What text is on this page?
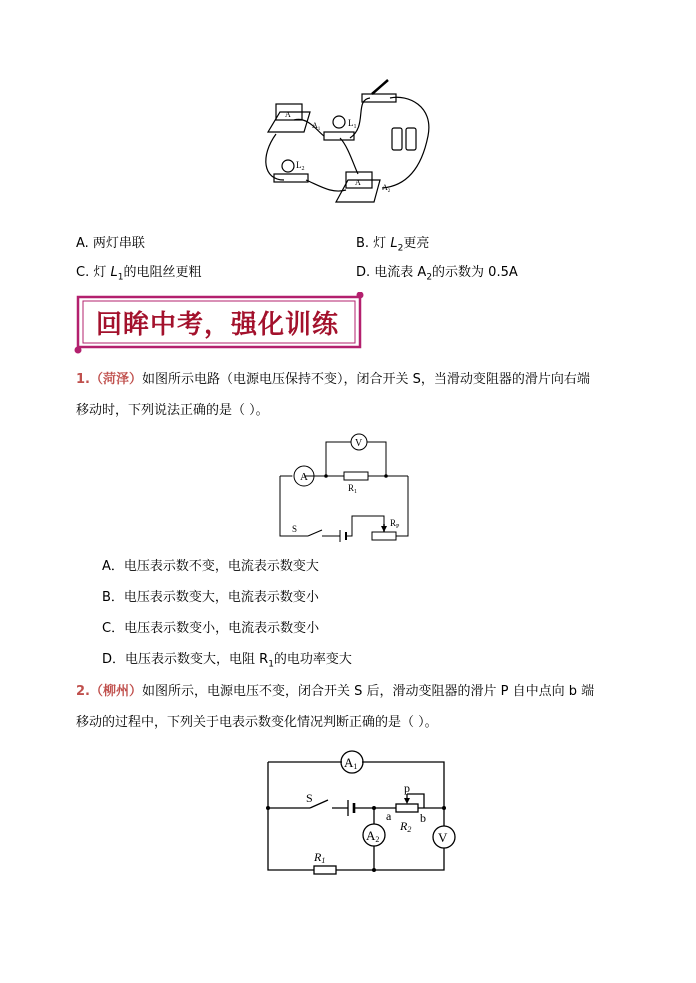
A
$A_1$
$L_1$
$L_2$
A
$A_2$
A. 两灯串联	B. 灯 $L_2$更亮
C. 灯 $L_1$的电阻丝更粗	D. 电流表 $A_2$的示数为 0.5A
回眸中考，强化训练
1.（菏泽）如图所示电路（电源电压保持不变），闭合开关 S，当滑动变阻器的滑片向右端
移动时，下列说法正确的是（ ）。
A
V
$R_1$
S
$R_P$
A．电压表示数不变，电流表示数变大
B．电压表示数变大，电流表示数变小
C．电压表示数变小，电流表示数变小
D．电压表示数变大，电阻 $R_1$的电功率变大
2.（柳州）如图所示，电源电压不变，闭合开关 S 后，滑动变阻器的滑片 P 自中点向 b 端
移动的过程中，下列关于电表示数变化情况判断正确的是（ ）。
A1
A2	V
S
p
a b
R2
R1
